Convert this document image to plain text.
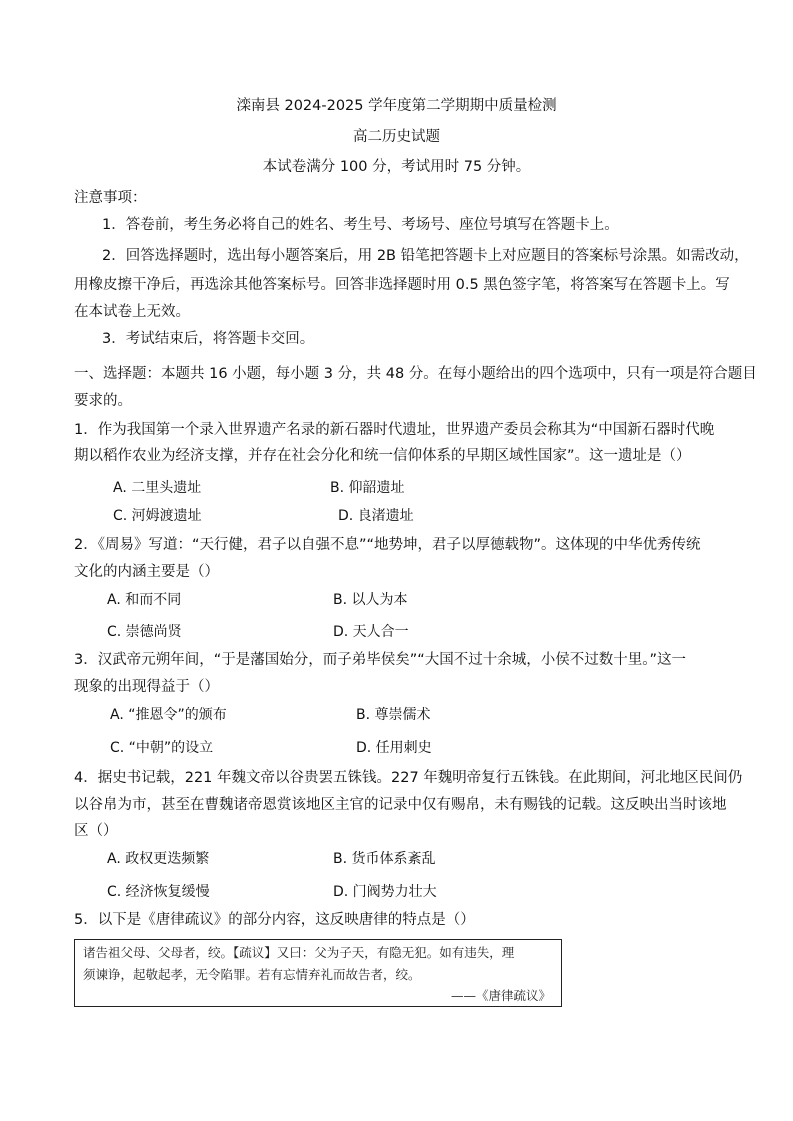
滦南县 2024-2025 学年度第二学期期中质量检测
高二历史试题
本试卷满分 100 分，考试用时 75 分钟。
注意事项：
1．答卷前，考生务必将自己的姓名、考生号、考场号、座位号填写在答题卡上。
2．回答选择题时，选出每小题答案后，用 2B 铅笔把答题卡上对应题目的答案标号涂黑。如需改动，
用橡皮擦干净后，再选涂其他答案标号。回答非选择题时用 0.5 黑色签字笔，将答案写在答题卡上。写
在本试卷上无效。
3．考试结束后，将答题卡交回。
一、选择题：本题共 16 小题，每小题 3 分，共 48 分。在每小题给出的四个选项中，只有一项是符合题目
要求的。
1．作为我国第一个录入世界遗产名录的新石器时代遗址，世界遗产委员会称其为“中国新石器时代晚
期以稻作农业为经济支撑，并存在社会分化和统一信仰体系的早期区域性国家”。这一遗址是（）
A. 二里头遗址	B. 仰韶遗址
C. 河姆渡遗址	D. 良渚遗址
2．《周易》写道：“天行健，君子以自强不息”“地势坤，君子以厚德载物”。这体现的中华优秀传统
文化的内涵主要是（）
A. 和而不同	B. 以人为本
C. 崇德尚贤	D. 天人合一
3．汉武帝元朔年间，“于是藩国始分，而子弟毕侯矣”“大国不过十余城，小侯不过数十里。”这一
现象的出现得益于（）
A. “推恩令”的颁布	B. 尊崇儒术
C. “中朝”的设立	D. 任用刺史
4．据史书记载，221 年魏文帝以谷贵罢五铢钱。227 年魏明帝复行五铢钱。在此期间，河北地区民间仍
以谷帛为市，甚至在曹魏诸帝恩赏该地区主官的记录中仅有赐帛，未有赐钱的记载。这反映出当时该地
区（）
A. 政权更迭频繁	B. 货币体系紊乱
C. 经济恢复缓慢	D. 门阀势力壮大
5．以下是《唐律疏议》的部分内容，这反映唐律的特点是（）
诸告祖父母、父母者，绞。【疏议】又曰：父为子天，有隐无犯。如有违失，理
须谏诤，起敬起孝，无令陷罪。若有忘情弃礼而故告者，绞。
——《唐律疏议》
